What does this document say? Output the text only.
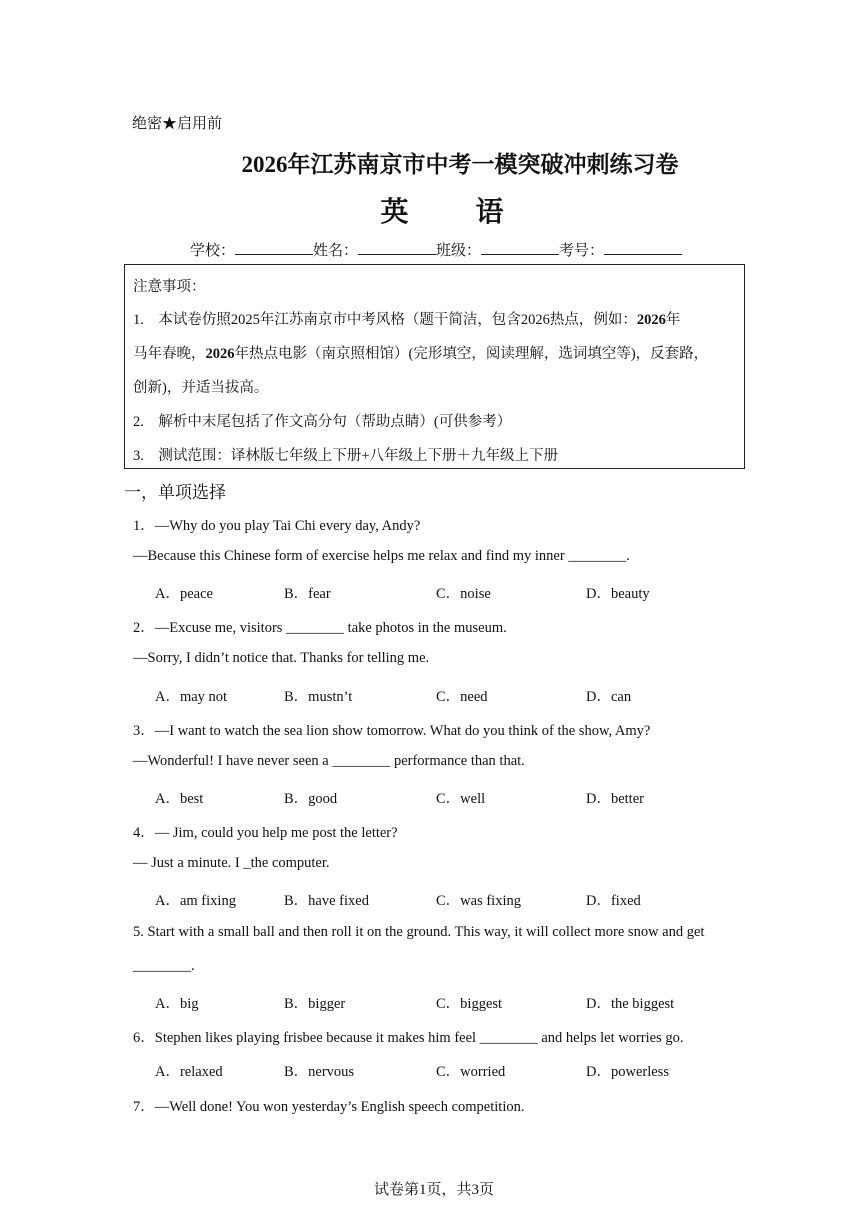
绝密★启用前
2026年江苏南京市中考一模突破冲刺练习卷
英 语
学校：	姓名：	班级：	考号：
注意事项：
1.　本试卷仿照2025年江苏南京市中考风格（题干简洁，包含2026热点，例如：2026年
马年春晚，2026年热点电影（南京照相馆）(完形填空，阅读理解，选词填空等)，反套路，
创新)，并适当拔高。
2.　解析中末尾包括了作文高分句（帮助点睛）(可供参考）
3.　测试范围：译林版七年级上下册+八年级上下册＋九年级上下册
一，单项选择
1．—Why do you play Tai Chi every day, Andy?
—Because this Chinese form of exercise helps me relax and find my inner ________.
A．peace	B．fear	C．noise	D．beauty
2．—Excuse me, visitors ________ take photos in the museum.
—Sorry, I didn’t notice that. Thanks for telling me.
A．may not	B．mustn’t	C．need	D．can
3．—I want to watch the sea lion show tomorrow. What do you think of the show, Amy?
—Wonderful! I have never seen a ________ performance than that.
A．best	B．good	C．well	D．better
4．— Jim, could you help me post the letter?
— Just a minute. I _the computer.
A．am fixing	B．have fixed	C．was fixing	D．fixed
5. Start with a small ball and then roll it on the ground. This way, it will collect more snow and get
________.
A．big	B．bigger	C．biggest	D．the biggest
6．Stephen likes playing frisbee because it makes him feel ________ and helps let worries go.
A．relaxed	B．nervous	C．worried	D．powerless
7．—Well done! You won yesterday’s English speech competition.
试卷第1页，共3页
